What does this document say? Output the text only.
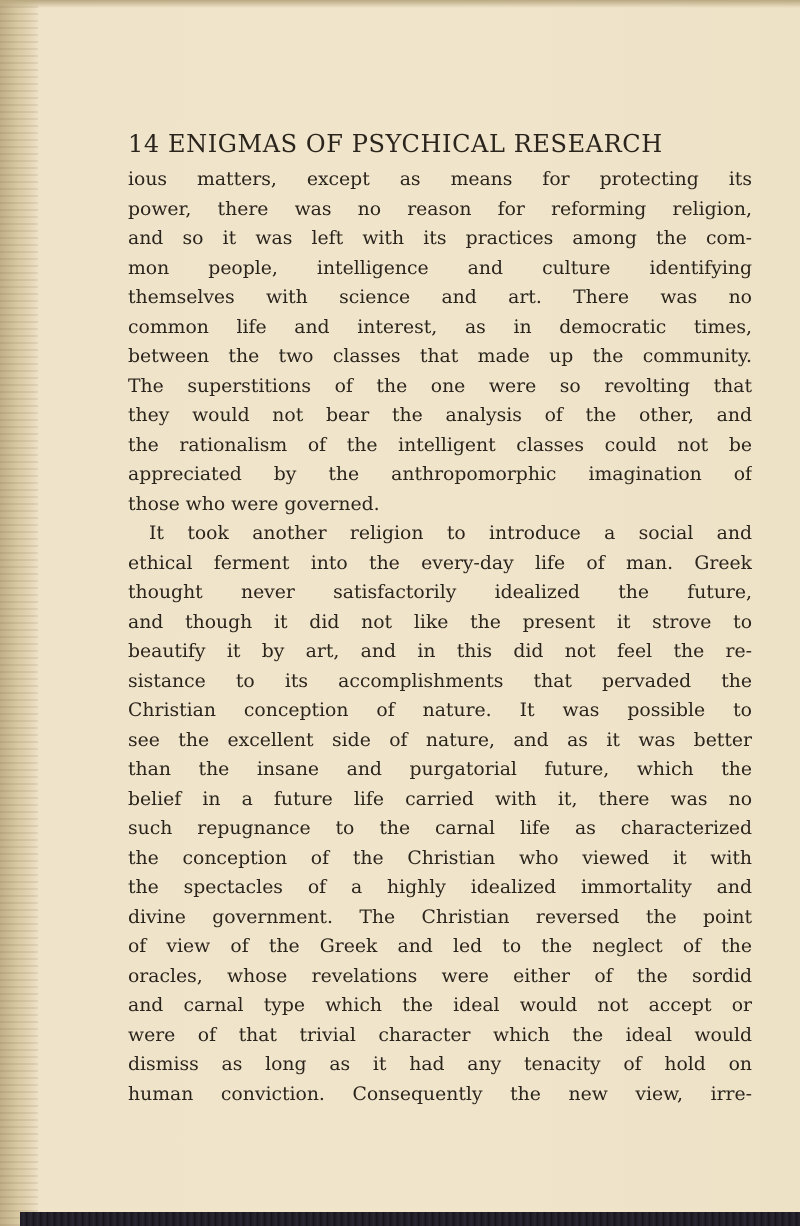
14 ENIGMAS OF PSYCHICAL RESEARCH
ious matters, except as means for protecting its
power, there was no reason for reforming religion,
and so it was left with its practices among the com-
mon people, intelligence and culture identifying
themselves with science and art. There was no
common life and interest, as in democratic times,
between the two classes that made up the community.
The superstitions of the one were so revolting that
they would not bear the analysis of the other, and
the rationalism of the intelligent classes could not be
appreciated by the anthropomorphic imagination of
those who were governed.
It took another religion to introduce a social and
ethical ferment into the every-day life of man. Greek
thought never satisfactorily idealized the future,
and though it did not like the present it strove to
beautify it by art, and in this did not feel the re-
sistance to its accomplishments that pervaded the
Christian conception of nature. It was possible to
see the excellent side of nature, and as it was better
than the insane and purgatorial future, which the
belief in a future life carried with it, there was no
such repugnance to the carnal life as characterized
the conception of the Christian who viewed it with
the spectacles of a highly idealized immortality and
divine government. The Christian reversed the point
of view of the Greek and led to the neglect of the
oracles, whose revelations were either of the sordid
and carnal type which the ideal would not accept or
were of that trivial character which the ideal would
dismiss as long as it had any tenacity of hold on
human conviction. Consequently the new view, irre-
